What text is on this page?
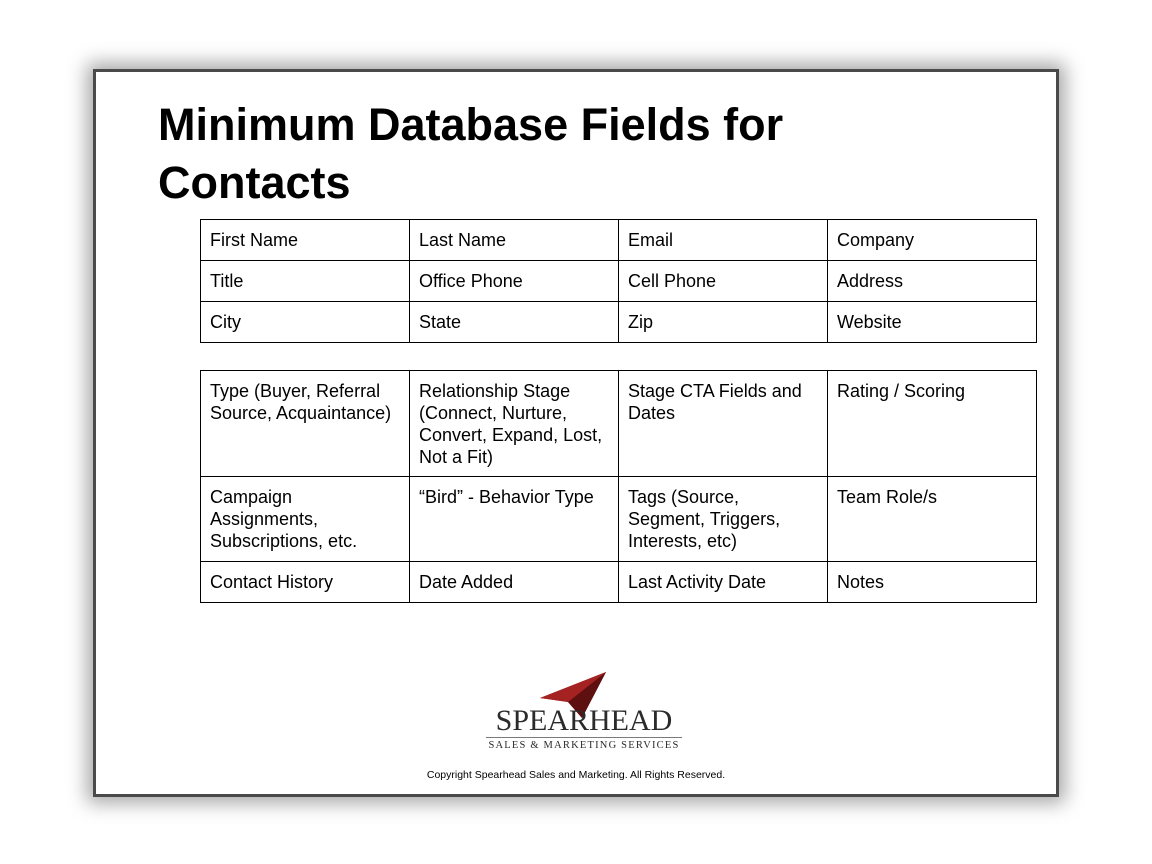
Minimum Database Fields for Contacts
First Name	Last Name	Email	Company
Title	Office Phone	Cell Phone	Address
City	State	Zip	Website
Type (Buyer, Referral Source, Acquaintance)	Relationship Stage (Connect, Nurture, Convert, Expand, Lost, Not a Fit)	Stage CTA Fields and Dates	Rating / Scoring
Campaign Assignments, Subscriptions, etc.	“Bird” - Behavior Type	Tags (Source, Segment, Triggers, Interests, etc)	Team Role/s
Contact History	Date Added	Last Activity Date	Notes
SPEARHEAD
SALES & MARKETING SERVICES
Copyright Spearhead Sales and Marketing. All Rights Reserved.
